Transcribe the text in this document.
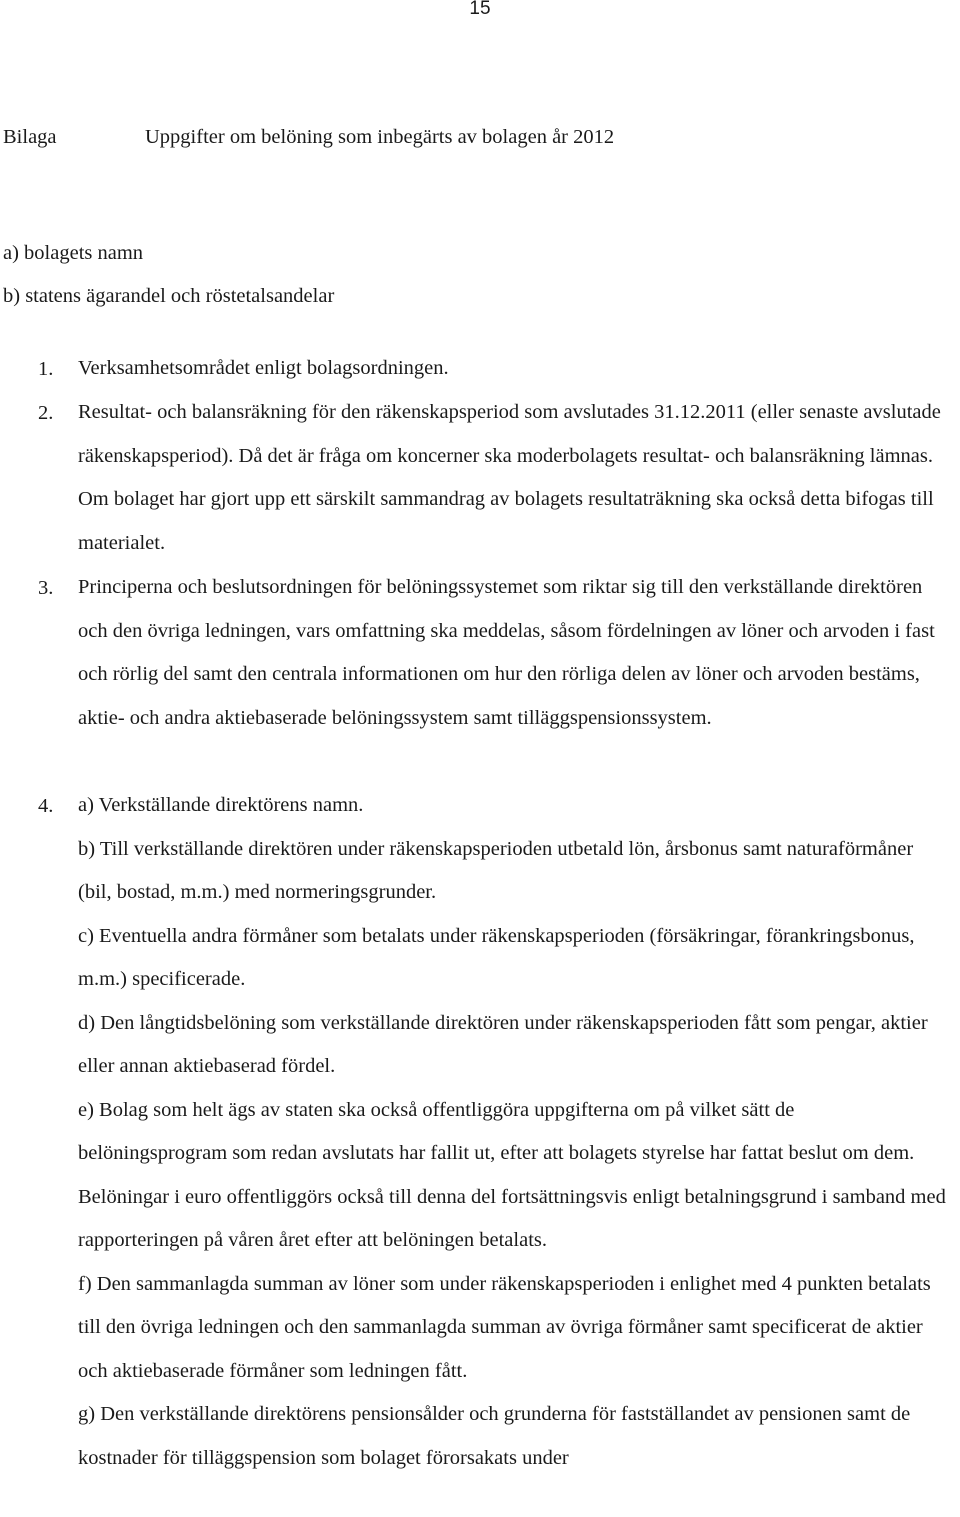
15
Bilaga	Uppgifter om belöning som inbegärts av bolagen år 2012
a) bolagets namn
b) statens ägarandel och röstetalsandelar
1. Verksamhetsområdet enligt bolagsordningen.
2. Resultat- och balansräkning för den räkenskapsperiod som avslutades 31.12.2011 (eller senaste avslutade räkenskapsperiod). Då det är fråga om koncerner ska moderbolagets resultat- och balansräkning lämnas. Om bolaget har gjort upp ett särskilt sammandrag av bolagets resultaträkning ska också detta bifogas till materialet.
3. Principerna och beslutsordningen för belöningssystemet som riktar sig till den verkställande direktören och den övriga ledningen, vars omfattning ska meddelas, såsom fördelningen av löner och arvoden i fast och rörlig del samt den centrala informationen om hur den rörliga delen av löner och arvoden bestäms, aktie- och andra aktiebaserade belöningssystem samt tilläggspensionssystem.
4. a) Verkställande direktörens namn.
b) Till verkställande direktören under räkenskapsperioden utbetald lön, årsbonus samt naturaförmåner (bil, bostad, m.m.) med normeringsgrunder.
c) Eventuella andra förmåner som betalats under räkenskapsperioden (försäkringar, förankringsbonus, m.m.) specificerade.
d) Den långtidsbelöning som verkställande direktören under räkenskapsperioden fått som pengar, aktier eller annan aktiebaserad fördel.
e) Bolag som helt ägs av staten ska också offentliggöra uppgifterna om på vilket sätt de belöningsprogram som redan avslutats har fallit ut, efter att bolagets styrelse har fattat beslut om dem. Belöningar i euro offentliggörs också till denna del fortsättningsvis enligt betalningsgrund i samband med rapporteringen på våren året efter att belöningen betalats.
f) Den sammanlagda summan av löner som under räkenskapsperioden i enlighet med 4 punkten betalats till den övriga ledningen och den sammanlagda summan av övriga förmåner samt specificerat de aktier och aktiebaserade förmåner som ledningen fått.
g) Den verkställande direktörens pensionsålder och grunderna för fastställandet av pensionen samt de kostnader för tilläggspension som bolaget förorsakats under
